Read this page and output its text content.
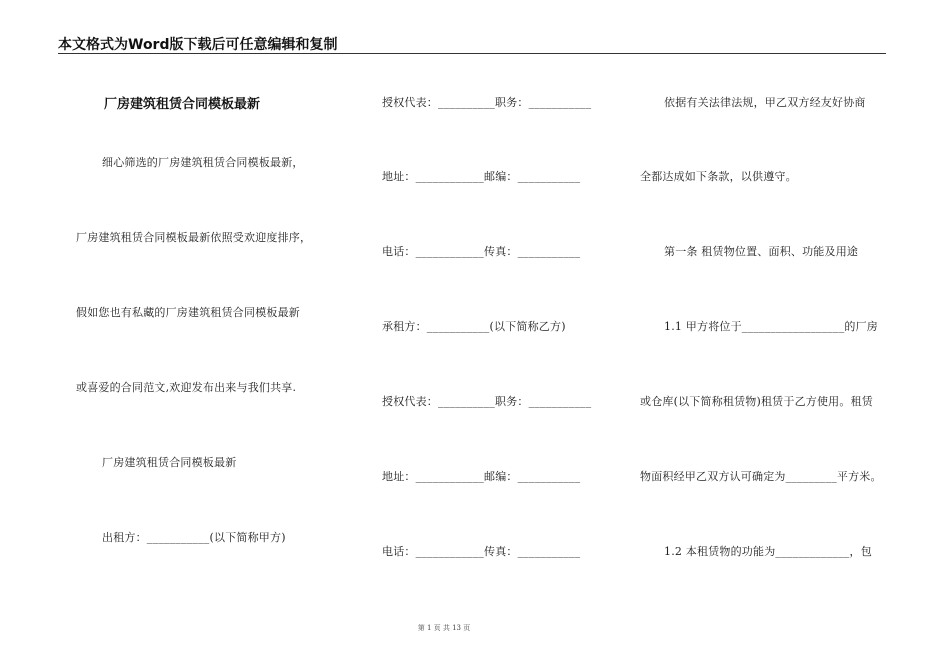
本文格式为Word版下载后可任意编辑和复制
厂房建筑租赁合同模板最新
细心筛选的厂房建筑租赁合同模板最新，
厂房建筑租赁合同模板最新依照受欢迎度排序，
假如您也有私藏的厂房建筑租赁合同模板最新
或喜爱的合同范文,欢迎发布出来与我们共享.
厂房建筑租赁合同模板最新
出租方：___________(以下简称甲方)
授权代表：__________职务：___________
地址：____________邮编：___________
电话：____________传真：___________
承租方：___________(以下简称乙方)
授权代表：__________职务：___________
地址：____________邮编：___________
电话：____________传真：___________
依据有关法律法规，甲乙双方经友好协商
全都达成如下条款，以供遵守。
第一条 租赁物位置、面积、功能及用途
1.1 甲方将位于__________________的厂房
或仓库(以下简称租赁物)租赁于乙方使用。租赁
物面积经甲乙双方认可确定为_________平方米。
1.2 本租赁物的功能为_____________，包
第 1 页 共 13 页
